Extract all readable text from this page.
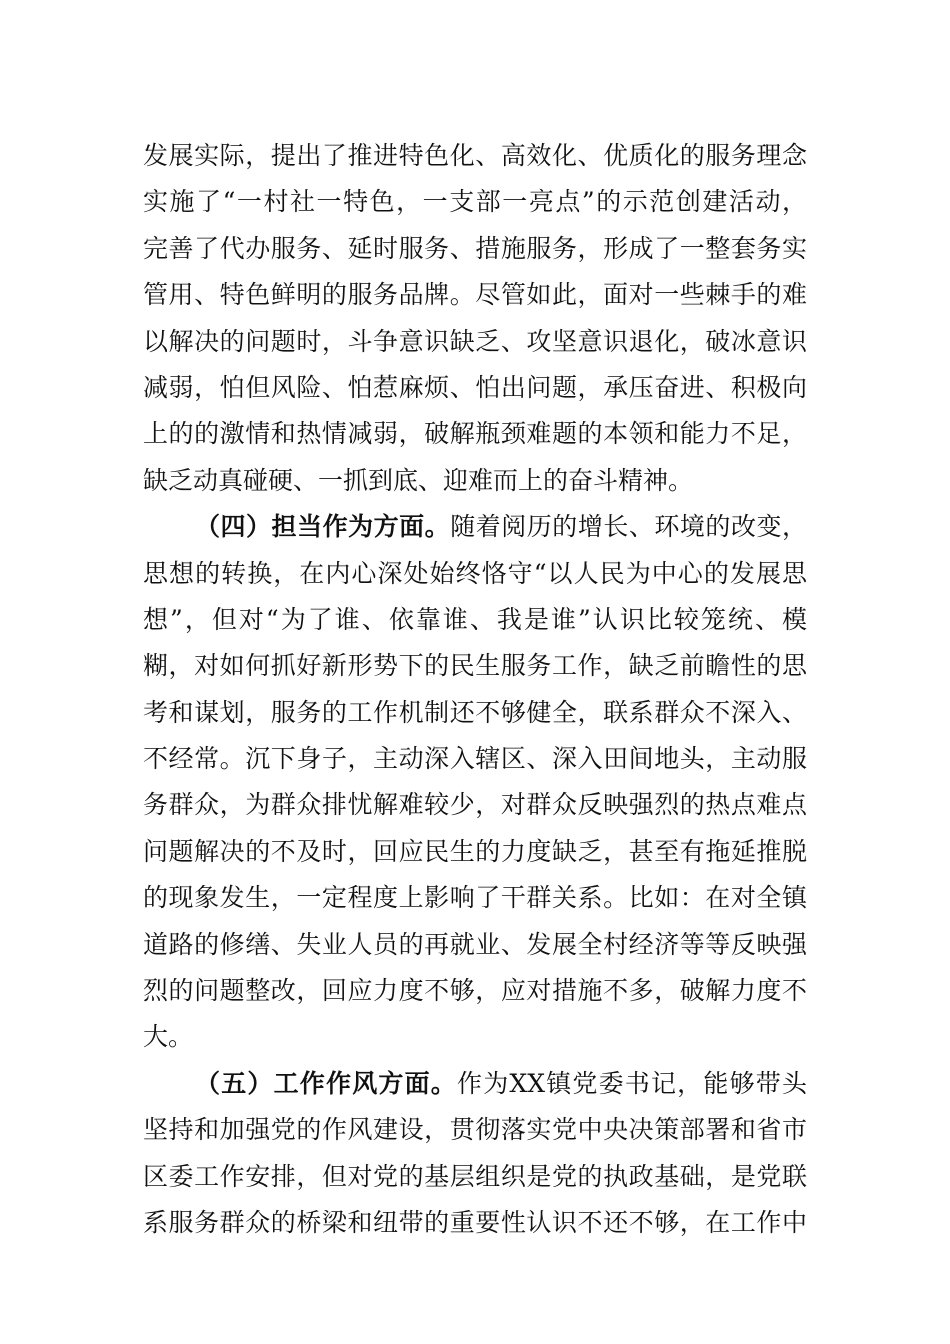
发展实际，提出了推进特色化、高效化、优质化的服务理念
实施了“一村社一特色，一支部一亮点”的示范创建活动，
完善了代办服务、延时服务、措施服务，形成了一整套务实
管用、特色鲜明的服务品牌。尽管如此，面对一些棘手的难
以解决的问题时，斗争意识缺乏、攻坚意识退化，破冰意识
减弱，怕但风险、怕惹麻烦、怕出问题，承压奋进、积极向
上的的激情和热情减弱，破解瓶颈难题的本领和能力不足，
缺乏动真碰硬、一抓到底、迎难而上的奋斗精神。
（四）担当作为方面。随着阅历的增长、环境的改变，
思想的转换，在内心深处始终恪守“以人民为中心的发展思
想”，但对“为了谁、依靠谁、我是谁”认识比较笼统、模
糊，对如何抓好新形势下的民生服务工作，缺乏前瞻性的思
考和谋划，服务的工作机制还不够健全，联系群众不深入、
不经常。沉下身子，主动深入辖区、深入田间地头，主动服
务群众，为群众排忧解难较少，对群众反映强烈的热点难点
问题解决的不及时，回应民生的力度缺乏，甚至有拖延推脱
的现象发生，一定程度上影响了干群关系。比如：在对全镇
道路的修缮、失业人员的再就业、发展全村经济等等反映强
烈的问题整改，回应力度不够，应对措施不多，破解力度不
大。
（五）工作作风方面。作为XX镇党委书记，能够带头
坚持和加强党的作风建设，贯彻落实党中央决策部署和省市
区委工作安排，但对党的基层组织是党的执政基础，是党联
系服务群众的桥梁和纽带的重要性认识不还不够，在工作中
